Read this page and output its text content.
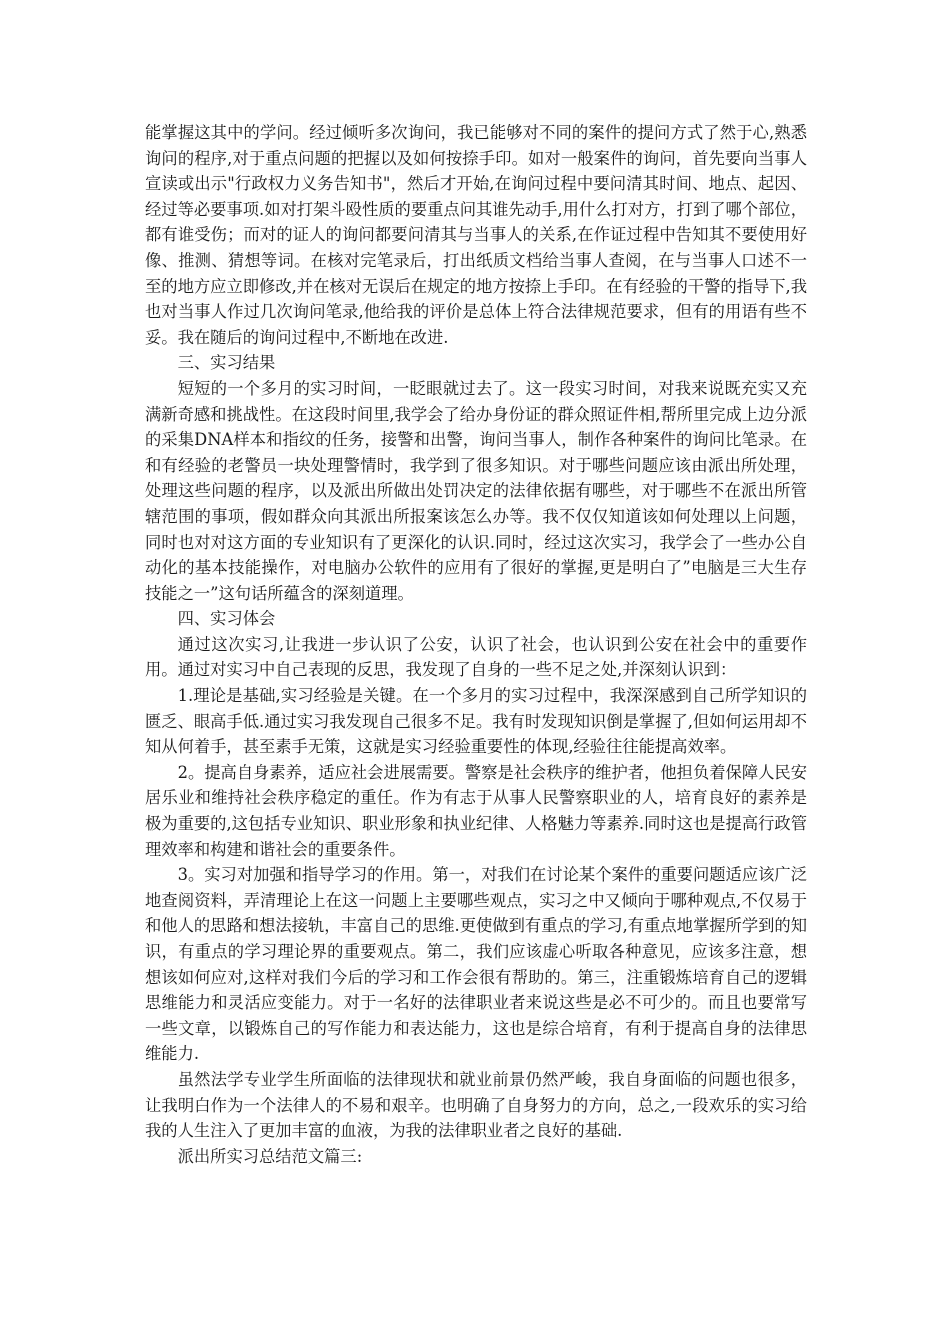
能掌握这其中的学问。经过倾听多次询问，我已能够对不同的案件的提问方式了然于心,熟悉询问的程序,对于重点问题的把握以及如何按捺手印。如对一般案件的询问，首先要向当事人宣读或出示"行政权力义务告知书"，然后才开始,在询问过程中要问清其时间、地点、起因、经过等必要事项.如对打架斗殴性质的要重点问其谁先动手,用什么打对方，打到了哪个部位，都有谁受伤；而对的证人的询问都要问清其与当事人的关系,在作证过程中告知其不要使用好像、推测、猜想等词。在核对完笔录后，打出纸质文档给当事人查阅，在与当事人口述不一至的地方应立即修改,并在核对无误后在规定的地方按捺上手印。在有经验的干警的指导下,我也对当事人作过几次询问笔录,他给我的评价是总体上符合法律规范要求，但有的用语有些不妥。我在随后的询问过程中,不断地在改进.

三、实习结果

短短的一个多月的实习时间，一眨眼就过去了。这一段实习时间，对我来说既充实又充满新奇感和挑战性。在这段时间里,我学会了给办身份证的群众照证件相,帮所里完成上边分派的采集DNA样本和指纹的任务，接警和出警，询问当事人，制作各种案件的询问比笔录。在和有经验的老警员一块处理警情时，我学到了很多知识。对于哪些问题应该由派出所处理，处理这些问题的程序，以及派出所做出处罚决定的法律依据有哪些，对于哪些不在派出所管辖范围的事项，假如群众向其派出所报案该怎么办等。我不仅仅知道该如何处理以上问题，同时也对对这方面的专业知识有了更深化的认识.同时，经过这次实习，我学会了一些办公自动化的基本技能操作，对电脑办公软件的应用有了很好的掌握,更是明白了”电脑是三大生存技能之一”这句话所蕴含的深刻道理。

四、实习体会

通过这次实习,让我进一步认识了公安，认识了社会，也认识到公安在社会中的重要作用。通过对实习中自己表现的反思，我发现了自身的一些不足之处,并深刻认识到：

1.理论是基础,实习经验是关键。在一个多月的实习过程中，我深深感到自己所学知识的匮乏、眼高手低.通过实习我发现自己很多不足。我有时发现知识倒是掌握了,但如何运用却不知从何着手，甚至素手无策，这就是实习经验重要性的体现,经验往往能提高效率。

2。提高自身素养，适应社会进展需要。警察是社会秩序的维护者，他担负着保障人民安居乐业和维持社会秩序稳定的重任。作为有志于从事人民警察职业的人，培育良好的素养是极为重要的,这包括专业知识、职业形象和执业纪律、人格魅力等素养.同时这也是提高行政管理效率和构建和谐社会的重要条件。

3。实习对加强和指导学习的作用。第一，对我们在讨论某个案件的重要问题适应该广泛地查阅资料，弄清理论上在这一问题上主要哪些观点，实习之中又倾向于哪种观点,不仅易于和他人的思路和想法接轨，丰富自己的思维.更使做到有重点的学习,有重点地掌握所学到的知识，有重点的学习理论界的重要观点。第二，我们应该虚心听取各种意见，应该多注意，想想该如何应对,这样对我们今后的学习和工作会很有帮助的。第三，注重锻炼培育自己的逻辑思维能力和灵活应变能力。对于一名好的法律职业者来说这些是必不可少的。而且也要常写一些文章，以锻炼自己的写作能力和表达能力，这也是综合培育，有利于提高自身的法律思维能力.

虽然法学专业学生所面临的法律现状和就业前景仍然严峻，我自身面临的问题也很多，让我明白作为一个法律人的不易和艰辛。也明确了自身努力的方向，总之,一段欢乐的实习给我的人生注入了更加丰富的血液，为我的法律职业者之良好的基础.

派出所实习总结范文篇三:
